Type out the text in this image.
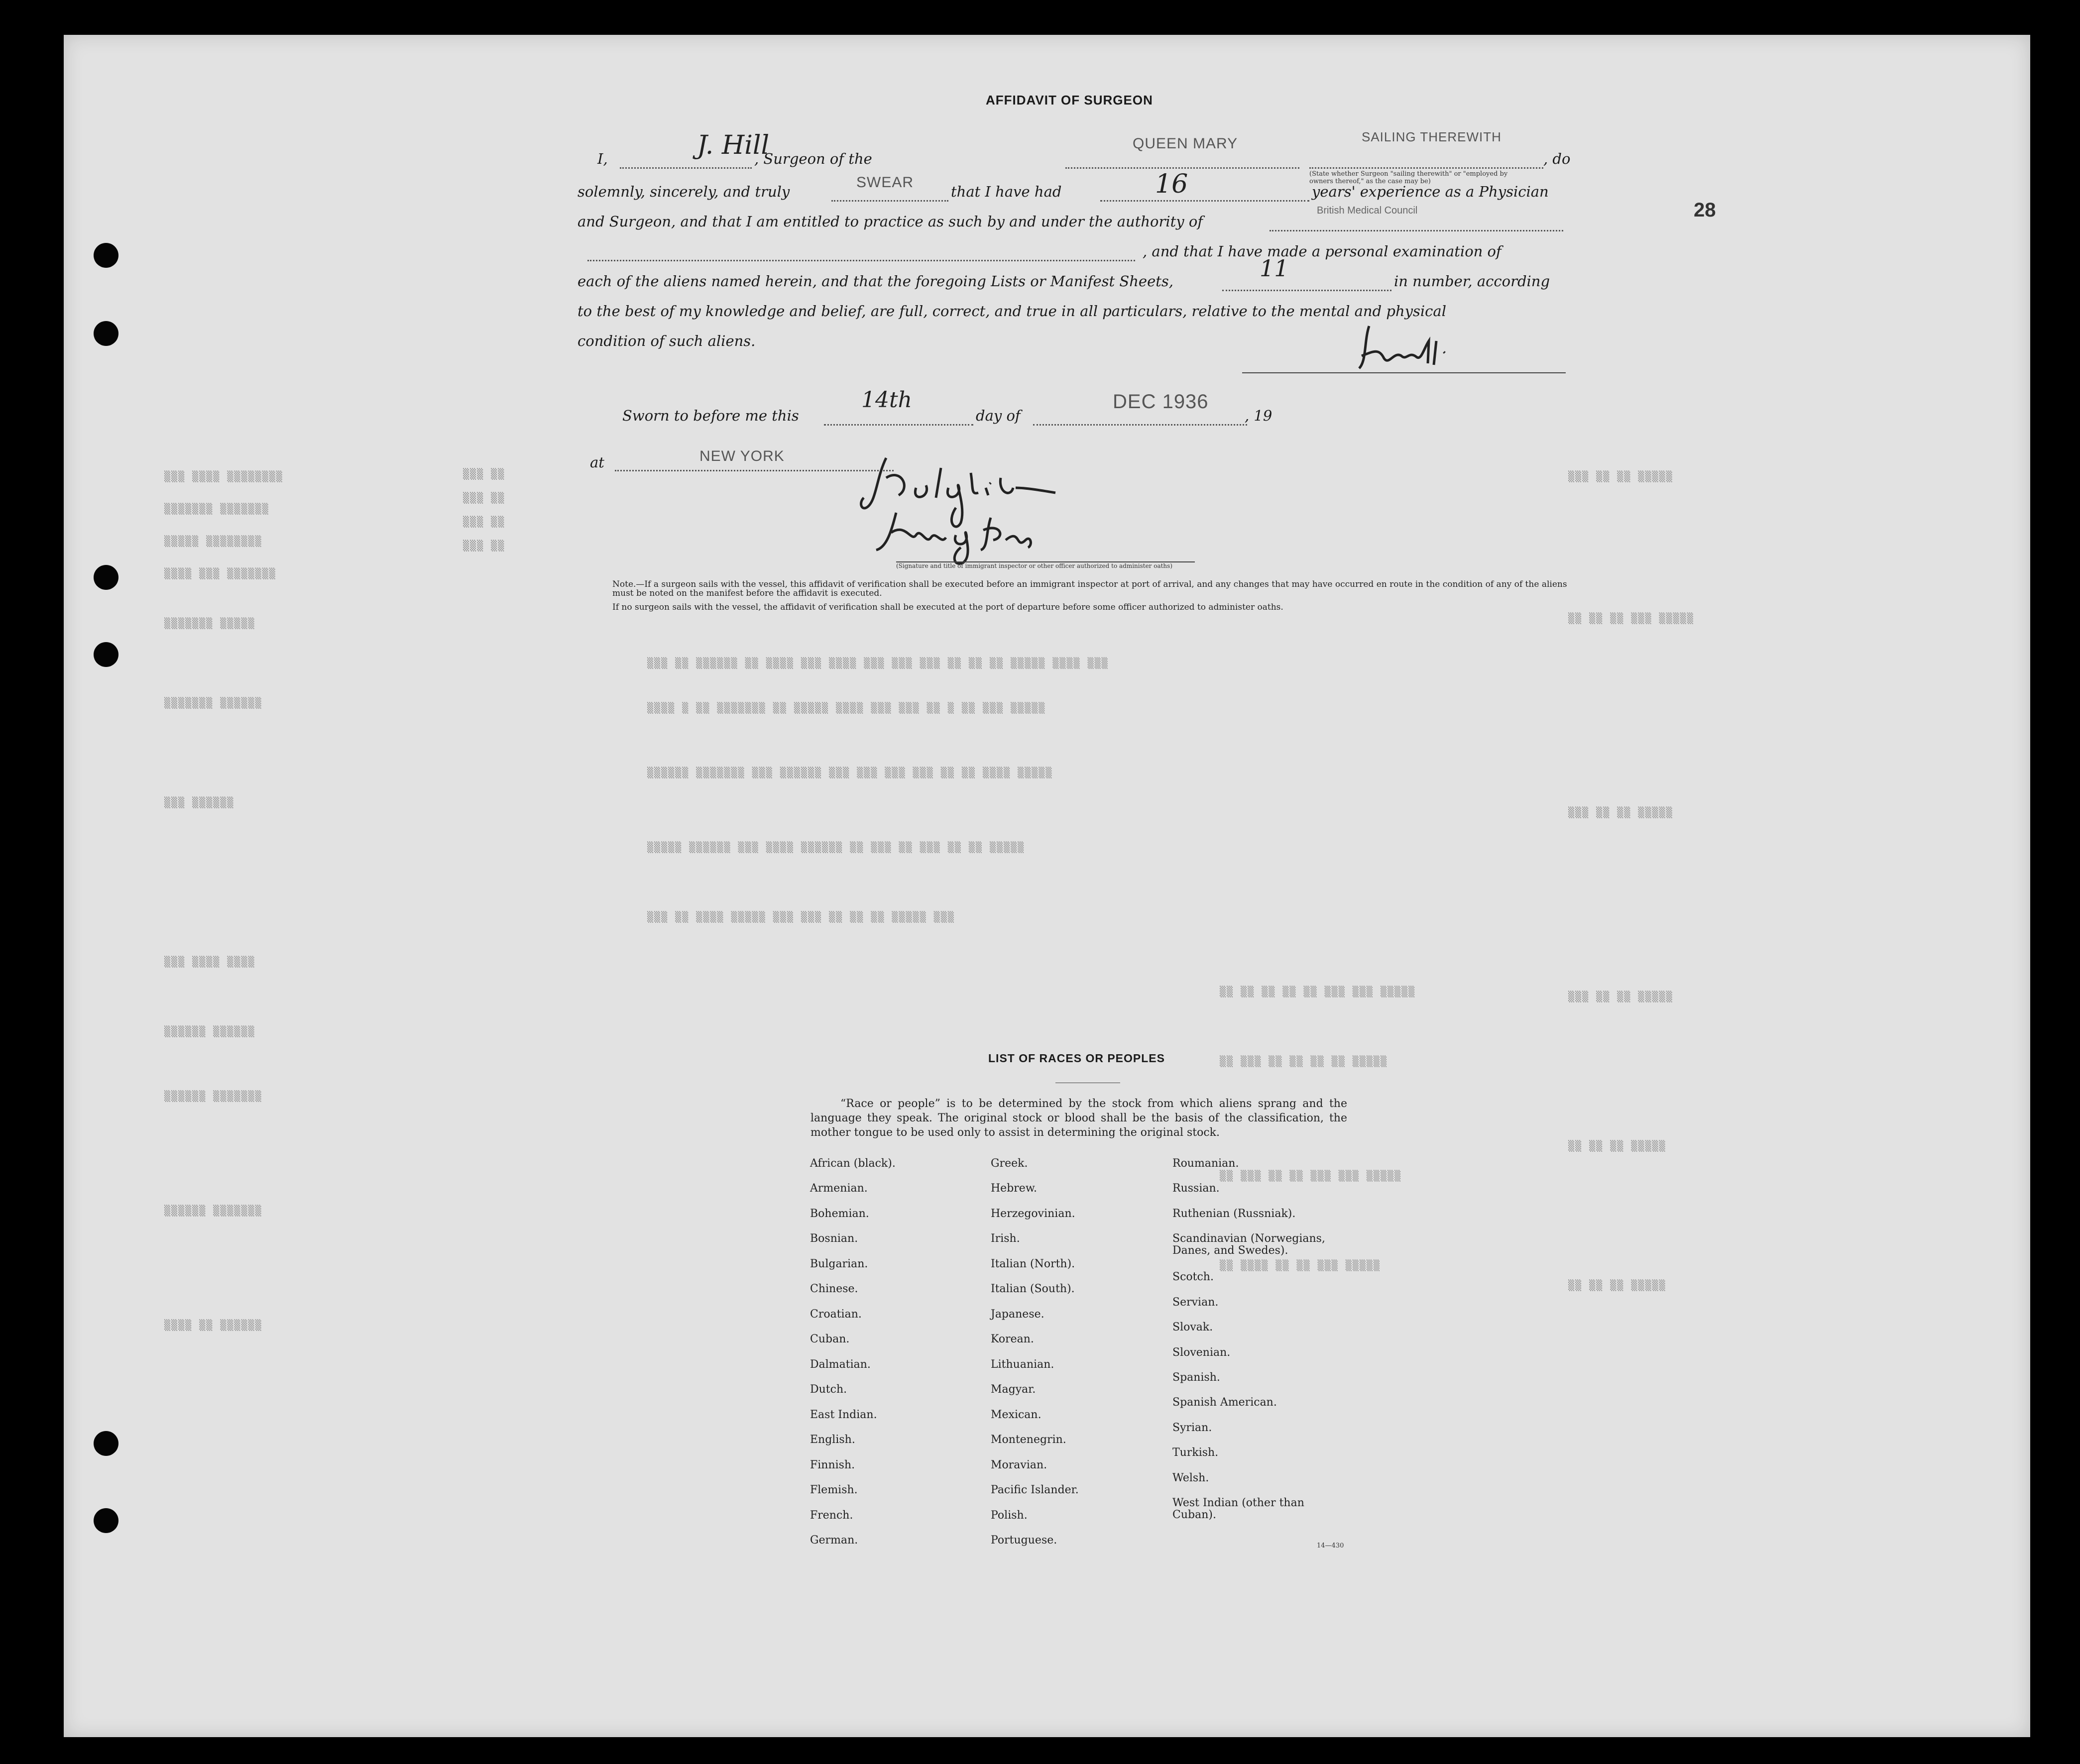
▒▒▒ ▒▒▒▒ ▒▒▒▒▒▒▒▒
▒▒▒▒▒▒▒ ▒▒▒▒▒▒▒
▒▒▒▒▒ ▒▒▒▒▒▒▒▒
▒▒▒▒ ▒▒▒ ▒▒▒▒▒▒▒
▒▒▒▒▒▒▒ ▒▒▒▒▒
▒▒▒▒▒▒▒ ▒▒▒▒▒▒
▒▒▒ ▒▒▒▒▒▒
▒▒▒ ▒▒▒▒ ▒▒▒▒
▒▒▒▒▒▒ ▒▒▒▒▒▒
▒▒▒▒▒▒ ▒▒▒▒▒▒▒
▒▒▒▒▒▒ ▒▒▒▒▒▒▒
▒▒▒▒ ▒▒ ▒▒▒▒▒▒
▒▒▒ ▒▒

▒▒▒ ▒▒

▒▒▒ ▒▒

▒▒▒ ▒▒
▒▒▒ ▒▒ ▒▒▒▒▒▒ ▒▒ ▒▒▒▒ ▒▒▒ ▒▒▒▒ ▒▒▒ ▒▒▒ ▒▒▒ ▒▒ ▒▒ ▒▒ ▒▒▒▒▒ ▒▒▒▒ ▒▒▒
▒▒▒▒ ▒ ▒▒ ▒▒▒▒▒▒▒ ▒▒ ▒▒▒▒▒ ▒▒▒▒ ▒▒▒ ▒▒▒ ▒▒ ▒ ▒▒ ▒▒▒ ▒▒▒▒▒
▒▒▒▒▒▒ ▒▒▒▒▒▒▒ ▒▒▒ ▒▒▒▒▒▒ ▒▒▒ ▒▒▒ ▒▒▒ ▒▒▒ ▒▒ ▒▒ ▒▒▒▒ ▒▒▒▒▒
▒▒▒▒▒ ▒▒▒▒▒▒ ▒▒▒ ▒▒▒▒ ▒▒▒▒▒▒ ▒▒ ▒▒▒ ▒▒ ▒▒▒ ▒▒ ▒▒ ▒▒▒▒▒
▒▒▒ ▒▒ ▒▒▒▒ ▒▒▒▒▒ ▒▒▒ ▒▒▒ ▒▒ ▒▒ ▒▒ ▒▒▒▒▒ ▒▒▒
▒▒ ▒▒ ▒▒ ▒▒ ▒▒ ▒▒▒ ▒▒▒ ▒▒▒▒▒
▒▒ ▒▒▒ ▒▒ ▒▒ ▒▒ ▒▒ ▒▒▒▒▒
▒▒ ▒▒▒ ▒▒ ▒▒ ▒▒▒ ▒▒▒ ▒▒▒▒▒
▒▒ ▒▒▒▒ ▒▒ ▒▒ ▒▒▒ ▒▒▒▒▒
▒▒▒ ▒▒ ▒▒ ▒▒▒▒▒
▒▒ ▒▒ ▒▒ ▒▒▒ ▒▒▒▒▒
▒▒▒ ▒▒ ▒▒ ▒▒▒▒▒
▒▒▒ ▒▒ ▒▒ ▒▒▒▒▒
▒▒ ▒▒ ▒▒ ▒▒▒▒▒
▒▒ ▒▒ ▒▒ ▒▒▒▒▒
28
AFFIDAVIT OF SURGEON
I,	J. Hill
, Surgeon of the
QUEEN MARY	SAILING THEREWITH
, do
(State whether Surgeon "sailing therewith" or "employed by owners thereof," as the case may be)
solemnly, sincerely, and truly
SWEAR
that I have had	16	years' experience as a Physician
and Surgeon, and that I am entitled to practice as such by and under the authority of
British Medical Council
, and that I have made a personal examination of
each of the aliens named herein, and that the foregoing Lists or Manifest Sheets,	11	in number, according
to the best of my knowledge and belief, are full, correct, and true in all particulars, relative to the mental and physical
condition of such aliens.
Sworn to before me this
14th
day of
DEC 1936
, 19
at	NEW YORK
(Signature and title of immigrant inspector or other officer authorized to administer oaths)
Note.—If a surgeon sails with the vessel, this affidavit of verification shall be executed before an immigrant inspector at port of arrival, and any changes that may have occurred en route in the condition of any of the aliens must be noted on the manifest before the affidavit is executed.
If no surgeon sails with the vessel, the affidavit of verification shall be executed at the port of departure before some officer authorized to administer oaths.
LIST OF RACES OR PEOPLES
“Race or people” is to be determined by the stock from which aliens sprang and the language they speak. The original stock or blood shall be the basis of the classification, the mother tongue to be used only to assist in determining the original stock.
African (black).
Armenian.
Bohemian.
Bosnian.
Bulgarian.
Chinese.
Croatian.
Cuban.
Dalmatian.
Dutch.
East Indian.
English.
Finnish.
Flemish.
French.
German.
Greek.
Hebrew.
Herzegovinian.
Irish.
Italian (North).
Italian (South).
Japanese.
Korean.
Lithuanian.
Magyar.
Mexican.
Montenegrin.
Moravian.
Pacific Islander.
Polish.
Portuguese.
Roumanian.
Russian.
Ruthenian (Russniak).
Scandinavian (Norwegians, Danes, and Swedes).
Scotch.
Servian.
Slovak.
Slovenian.
Spanish.
Spanish American.
Syrian.
Turkish.
Welsh.
West Indian (other than Cuban).
14—430
